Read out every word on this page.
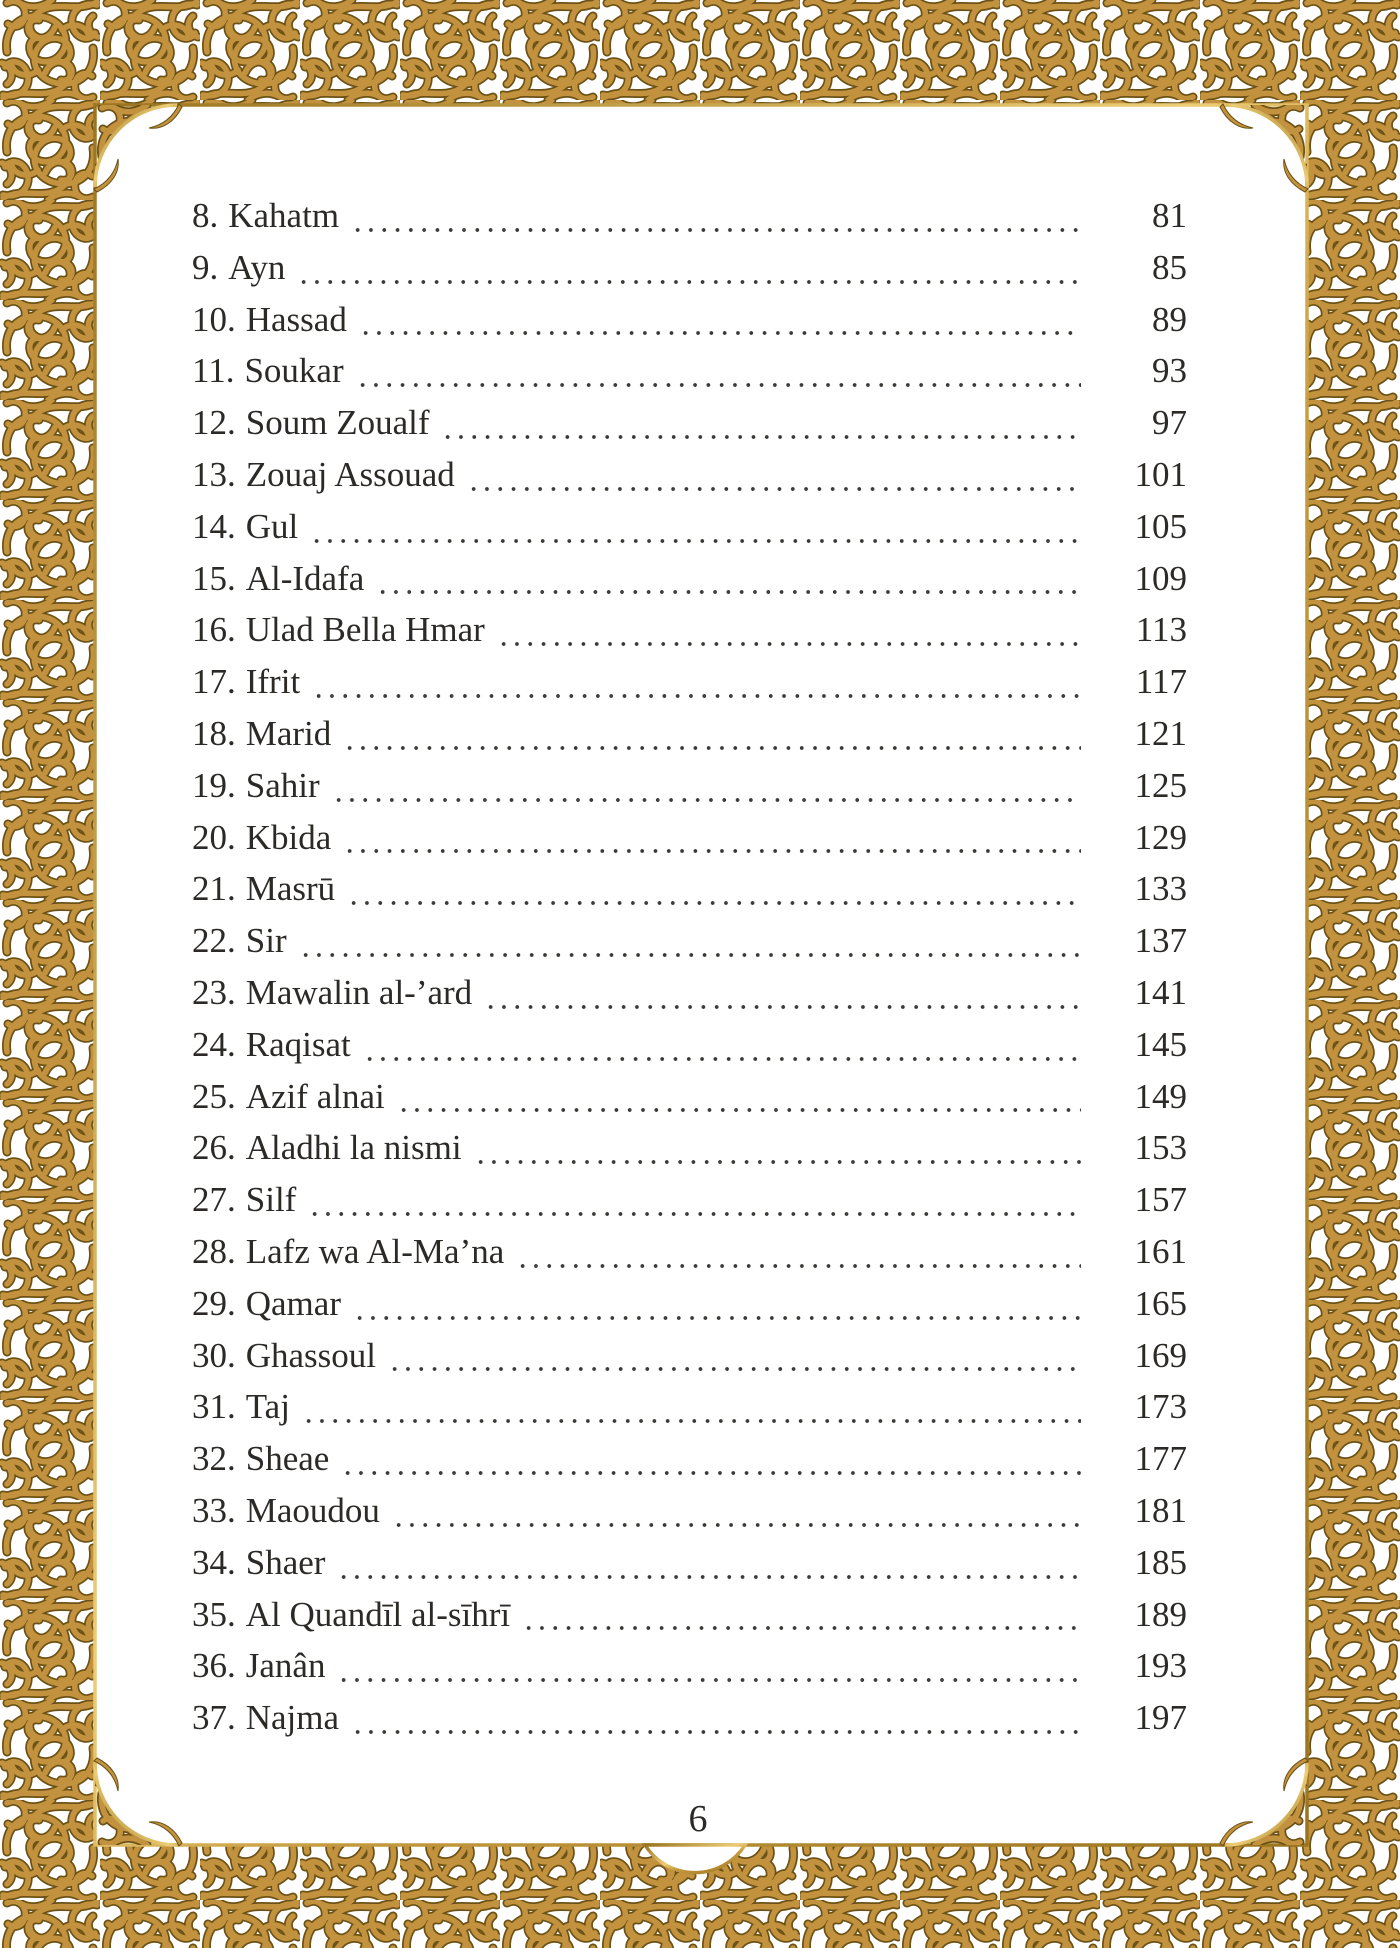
8. Kahatm	81
9. Ayn	85
10. Hassad	89
11. Soukar	93
12. Soum Zoualf	97
13. Zouaj Assouad	101
14. Gul	105
15. Al-Idafa	109
16. Ulad Bella Hmar	113
17. Ifrit	117
18. Marid	121
19. Sahir	125
20. Kbida	129
21. Masrū	133
22. Sir	137
23. Mawalin al-’ard	141
24. Raqisat	145
25. Azif alnai	149
26. Aladhi la nismi	153
27. Silf	157
28. Lafz wa Al-Ma’na	161
29. Qamar	165
30. Ghassoul	169
31. Taj	173
32. Sheae	177
33. Maoudou	181
34. Shaer	185
35. Al Quandīl al-sīhrī	189
36. Janân	193
37. Najma	197
6
